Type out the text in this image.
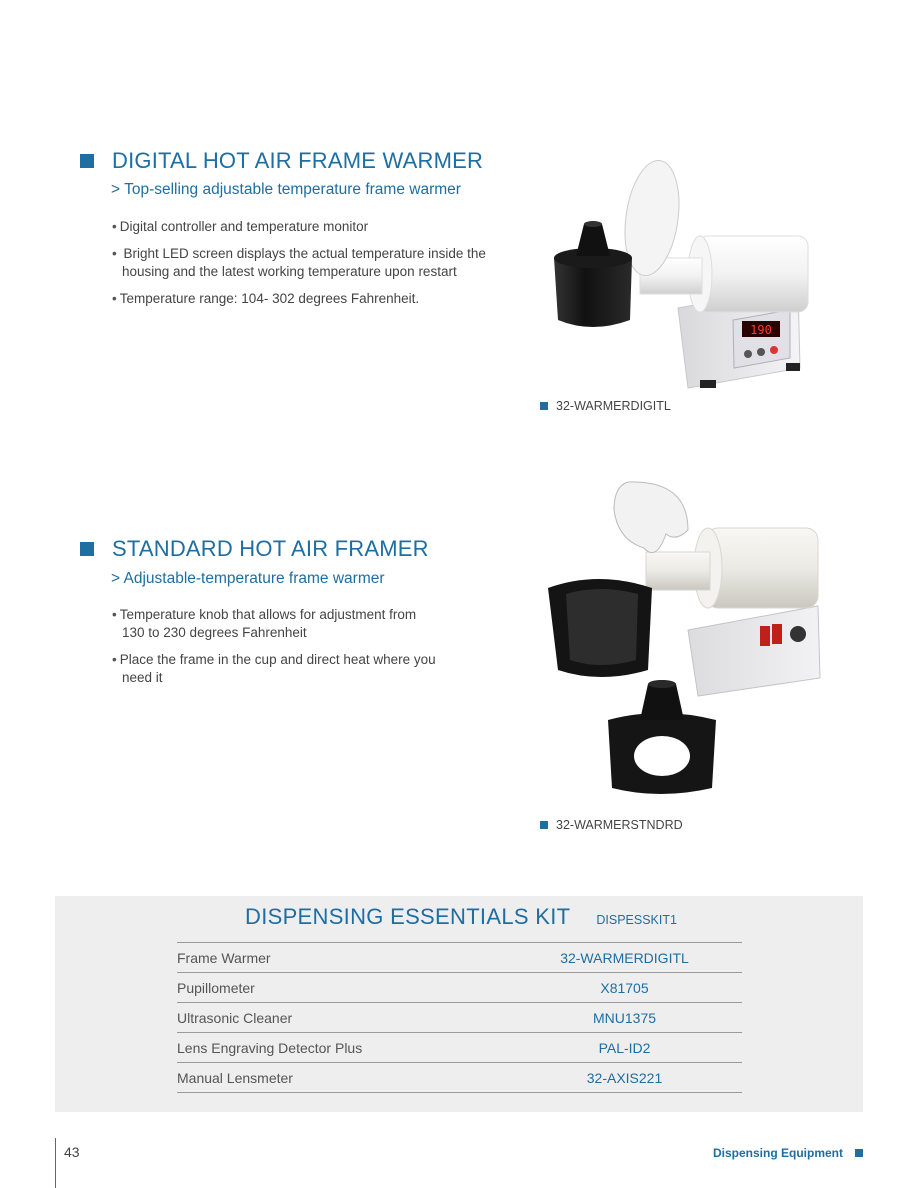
DIGITAL HOT AIR FRAME WARMER
> Top-selling adjustable temperature frame warmer
• Digital controller and temperature monitor
• Bright LED screen displays the actual temperature inside the housing and the latest working temperature upon restart
• Temperature range: 104- 302 degrees Fahrenheit.
190
32-WARMERDIGITL
STANDARD HOT AIR FRAMER
> Adjustable-temperature frame warmer
• Temperature knob that allows for adjustment from 130 to 230 degrees Fahrenheit
• Place the frame in the cup and direct heat where you need it
32-WARMERSTNDRD
DISPENSING ESSENTIALS KIT DISPESSKIT1
Frame Warmer	32-WARMERDIGITL
Pupillometer	X81705
Ultrasonic Cleaner	MNU1375
Lens Engraving Detector Plus	PAL-ID2
Manual Lensmeter	32-AXIS221
43	Dispensing Equipment
